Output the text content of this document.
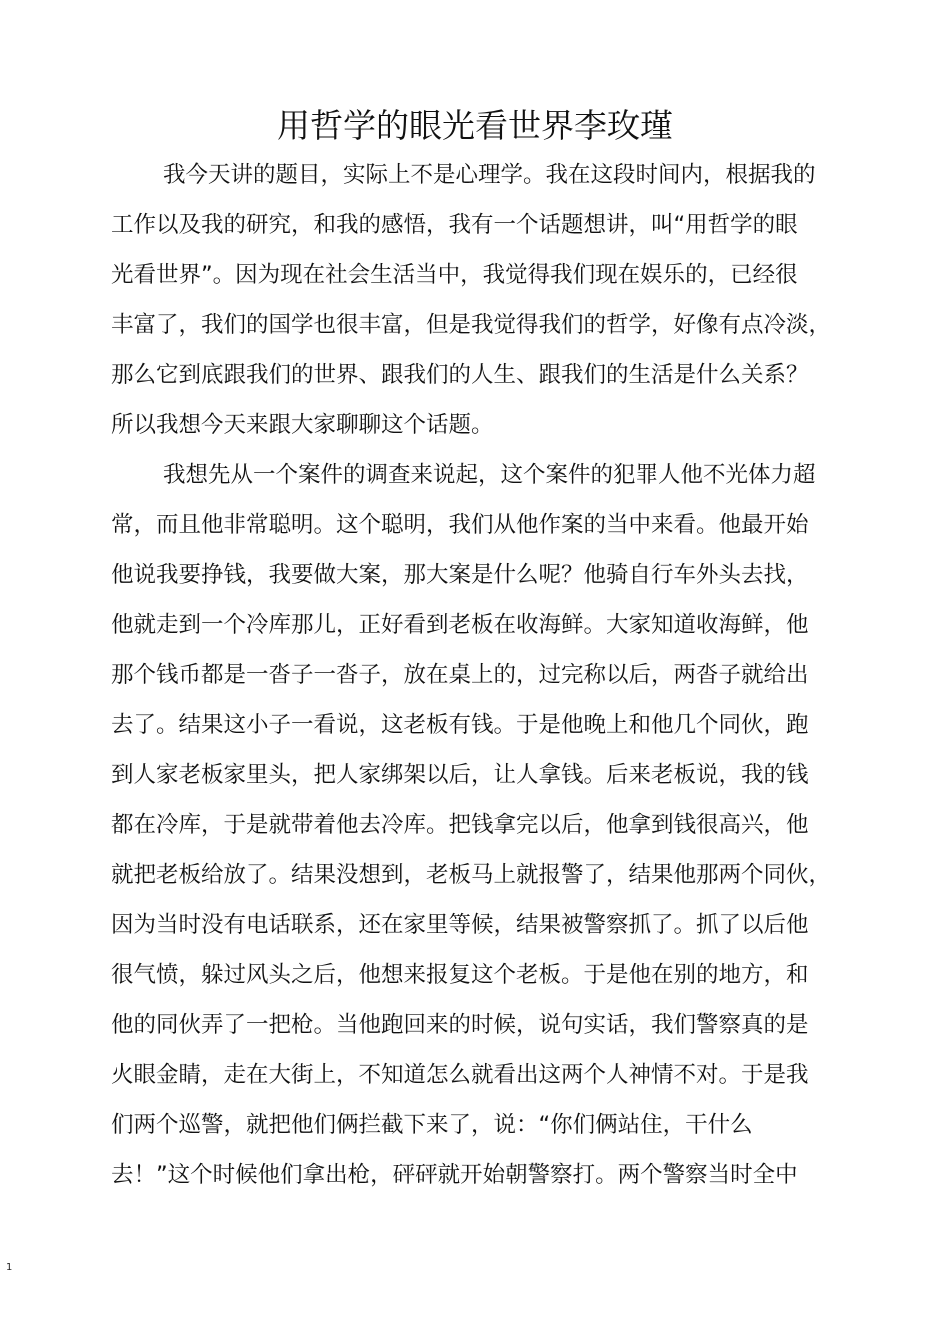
用哲学的眼光看世界李玫瑾
我今天讲的题目，实际上不是心理学。我在这段时间内，根据我的
工作以及我的研究，和我的感悟，我有一个话题想讲，叫“用哲学的眼
光看世界”。因为现在社会生活当中，我觉得我们现在娱乐的，已经很
丰富了，我们的国学也很丰富，但是我觉得我们的哲学，好像有点冷淡，
那么它到底跟我们的世界、跟我们的人生、跟我们的生活是什么关系？
所以我想今天来跟大家聊聊这个话题。
我想先从一个案件的调查来说起，这个案件的犯罪人他不光体力超
常，而且他非常聪明。这个聪明，我们从他作案的当中来看。他最开始
他说我要挣钱，我要做大案，那大案是什么呢？他骑自行车外头去找，
他就走到一个冷库那儿，正好看到老板在收海鲜。大家知道收海鲜，他
那个钱币都是一沓子一沓子，放在桌上的，过完称以后，两沓子就给出
去了。结果这小子一看说，这老板有钱。于是他晚上和他几个同伙，跑
到人家老板家里头，把人家绑架以后，让人拿钱。后来老板说，我的钱
都在冷库，于是就带着他去冷库。把钱拿完以后，他拿到钱很高兴，他
就把老板给放了。结果没想到，老板马上就报警了，结果他那两个同伙，
因为当时没有电话联系，还在家里等候，结果被警察抓了。抓了以后他
很气愤，躲过风头之后，他想来报复这个老板。于是他在别的地方，和
他的同伙弄了一把枪。当他跑回来的时候，说句实话，我们警察真的是
火眼金睛，走在大街上，不知道怎么就看出这两个人神情不对。于是我
们两个巡警，就把他们俩拦截下来了，说：“你们俩站住，干什么
去！”这个时候他们拿出枪，砰砰就开始朝警察打。两个警察当时全中
1
